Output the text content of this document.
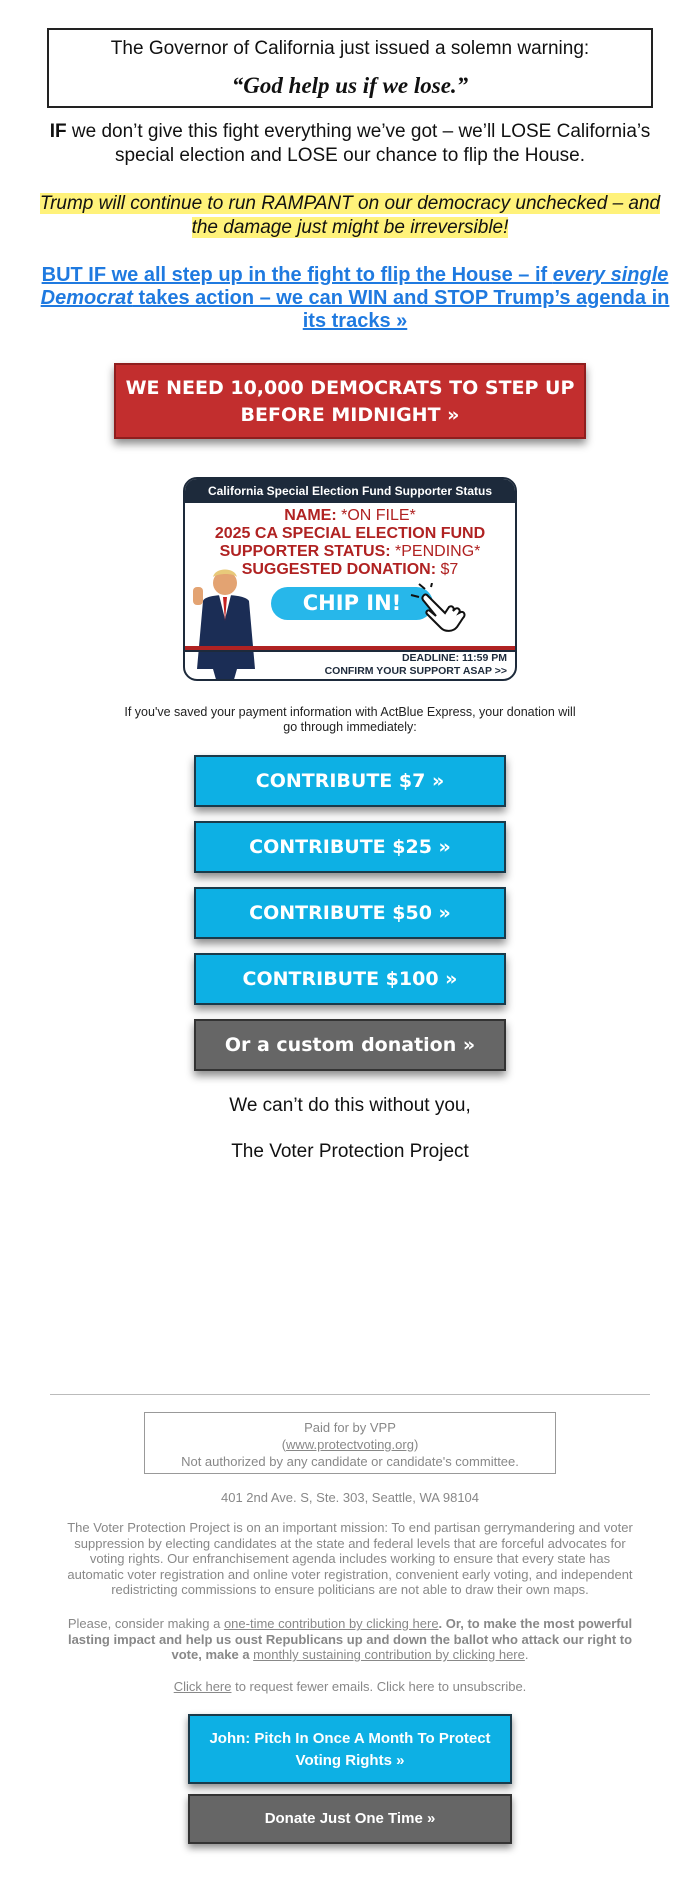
The Governor of California just issued a solemn warning:
“God help us if we lose.”
IF we don’t give this fight everything we’ve got – we’ll LOSE California’s special election and LOSE our chance to flip the House.
Trump will continue to run RAMPANT on our democracy unchecked – and the damage just might be irreversible!
BUT IF we all step up in the fight to flip the House – if every single Democrat takes action – we can WIN and STOP Trump’s agenda in its tracks »
WE NEED 10,000 DEMOCRATS TO STEP UP
BEFORE MIDNIGHT »
California Special Election Fund Supporter Status
NAME: *ON FILE*
2025 CA SPECIAL ELECTION FUND
SUPPORTER STATUS: *PENDING*
SUGGESTED DONATION: $7
CHIP IN!
DEADLINE: 11:59 PM
CONFIRM YOUR SUPPORT ASAP >>
If you've saved your payment information with ActBlue Express, your donation will go through immediately:
CONTRIBUTE $7 »
CONTRIBUTE $25 »
CONTRIBUTE $50 »
CONTRIBUTE $100 »
Or a custom donation »
We can’t do this without you,
The Voter Protection Project
Paid for by VPP
(www.protectvoting.org)
Not authorized by any candidate or candidate's committee.
401 2nd Ave. S, Ste. 303, Seattle, WA 98104
The Voter Protection Project is on an important mission: To end partisan gerrymandering and voter suppression by electing candidates at the state and federal levels that are forceful advocates for voting rights. Our enfranchisement agenda includes working to ensure that every state has automatic voter registration and online voter registration, convenient early voting, and independent redistricting commissions to ensure politicians are not able to draw their own maps.
Please, consider making a one-time contribution by clicking here. Or, to make the most powerful lasting impact and help us oust Republicans up and down the ballot who attack our right to vote, make a monthly sustaining contribution by clicking here.
Click here to request fewer emails. Click here to unsubscribe.
John: Pitch In Once A Month To Protect
Voting Rights »
Donate Just One Time »
